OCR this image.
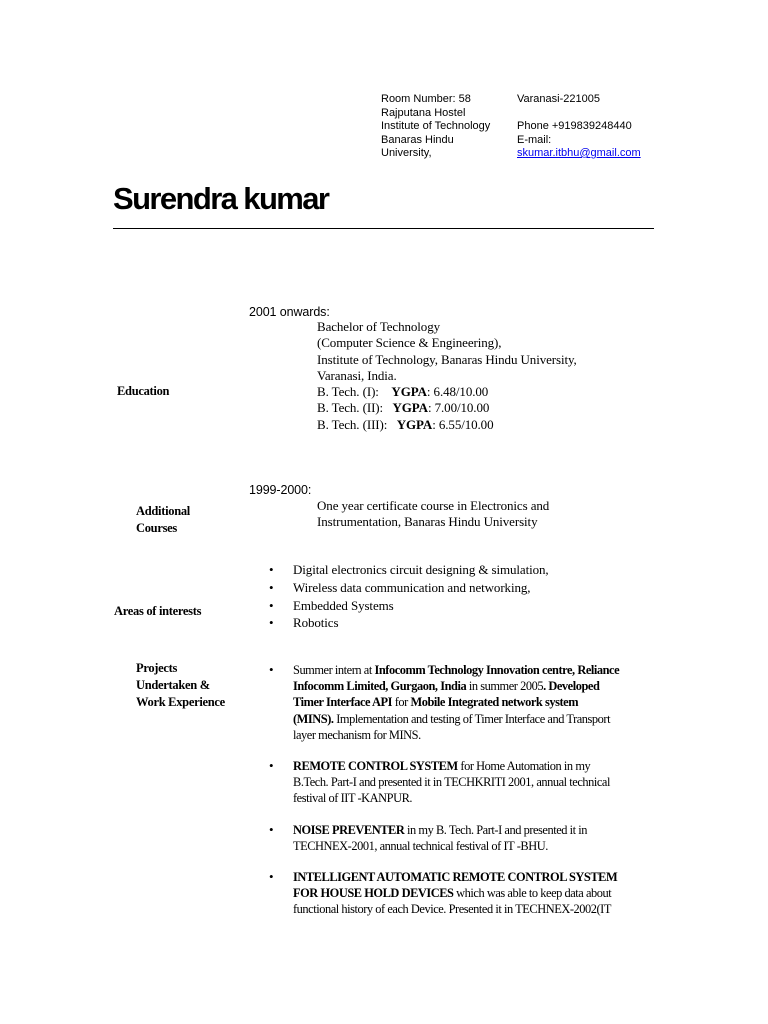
Room Number: 58
Rajputana Hostel
Institute of Technology
Banaras Hindu
University,
Varanasi-221005

Phone +919839248440
E-mail:
skumar.itbhu@gmail.com
Surendra kumar
Education
2001 onwards:
Bachelor of Technology
(Computer Science & Engineering),
Institute of Technology, Banaras Hindu University,
Varanasi, India.
B. Tech. (I): YGPA: 6.48/10.00
B. Tech. (II): YGPA: 7.00/10.00
B. Tech. (III): YGPA: 6.55/10.00
Additional
Courses
1999-2000:
One year certificate course in Electronics and
Instrumentation, Banaras Hindu University
Areas of interests
• Digital electronics circuit designing & simulation,
• Wireless data communication and networking,
• Embedded Systems
• Robotics
Projects
Undertaken &
Work Experience
• Summer intern at Infocomm Technology Innovation centre, Reliance
Infocomm Limited, Gurgaon, India in summer 2005. Developed
Timer Interface API for Mobile Integrated network system
(MINS). Implementation and testing of Timer Interface and Transport
layer mechanism for MINS.
• REMOTE CONTROL SYSTEM for Home Automation in my
B.Tech. Part-I and presented it in TECHKRITI 2001, annual technical
festival of IIT -KANPUR.
• NOISE PREVENTER in my B. Tech. Part-I and presented it in
TECHNEX-2001, annual technical festival of IT -BHU.
• INTELLIGENT AUTOMATIC REMOTE CONTROL SYSTEM
FOR HOUSE HOLD DEVICES which was able to keep data about
functional history of each Device. Presented it in TECHNEX-2002(IT
